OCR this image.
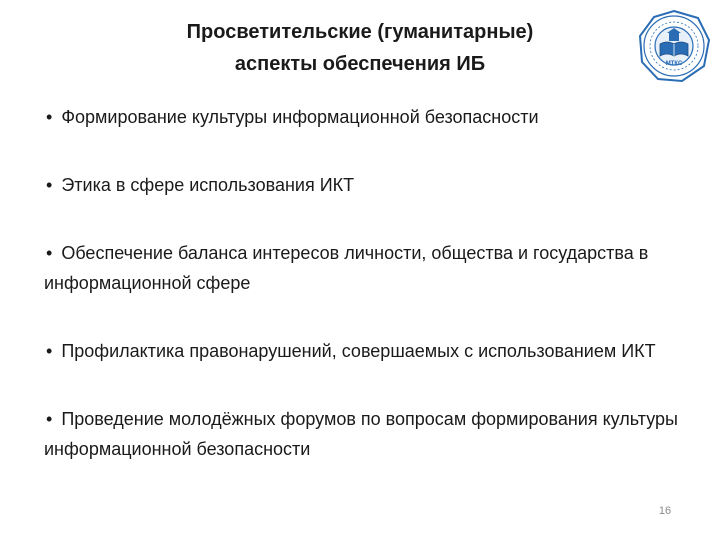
Просветительские (гуманитарные)
аспекты обеспечения ИБ	МТКС
• Формирование культуры информационной безопасности
• Этика в сфере использования ИКТ
• Обеспечение баланса интересов личности, общества и государства в информационной сфере
• Профилактика правонарушений, совершаемых с использованием ИКТ
• Проведение молодёжных форумов по вопросам формирования культуры информационной безопасности
16
